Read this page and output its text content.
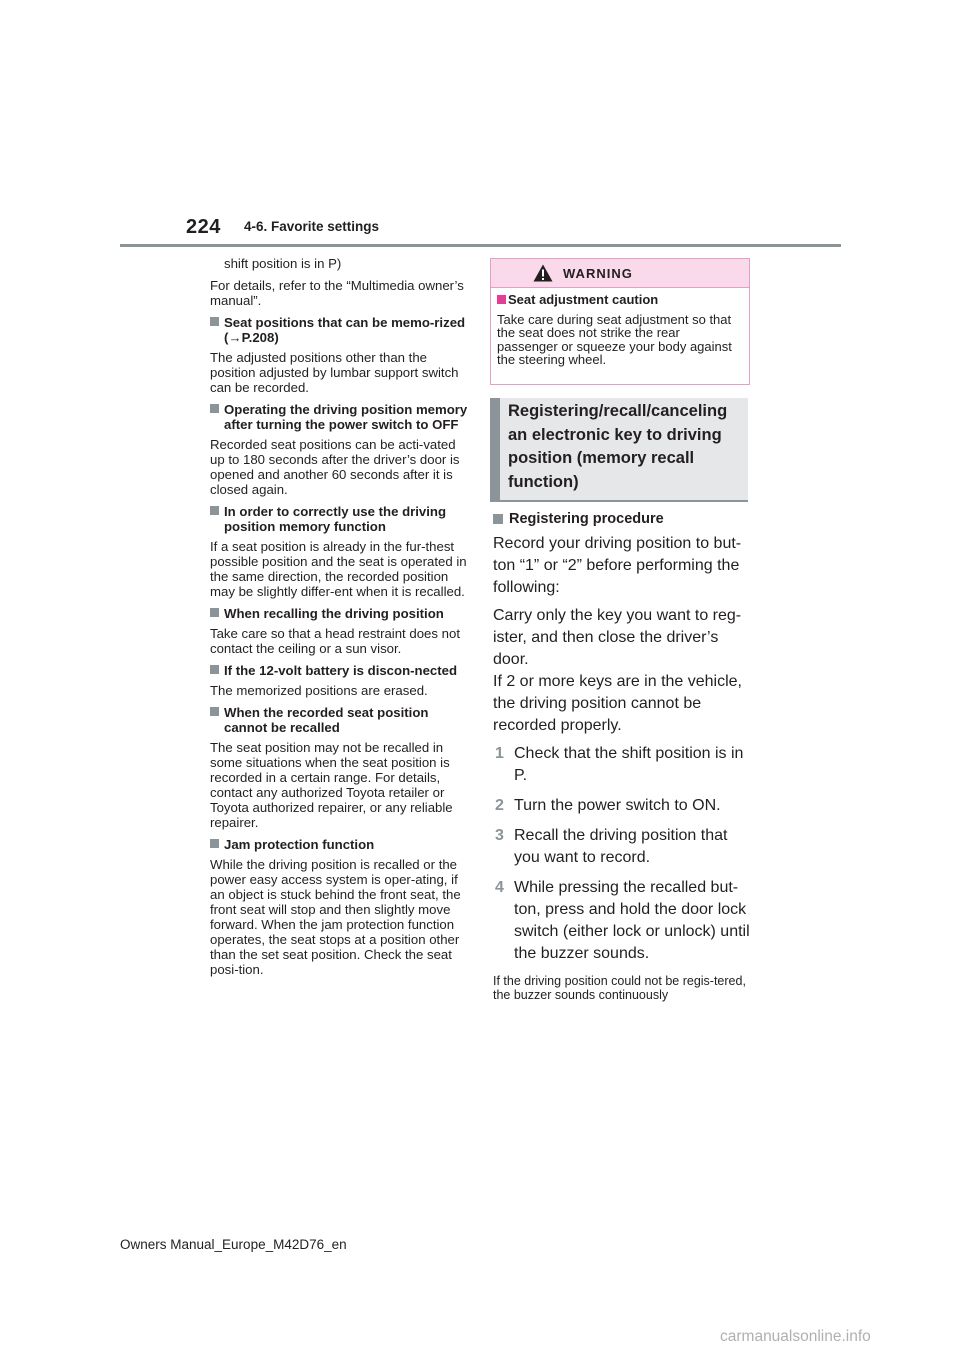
224 4-6. Favorite settings

shift position is in P)

For details, refer to the “Multimedia owner’s manual”.

Seat positions that can be memo-rized (→P.208)

The adjusted positions other than the position adjusted by lumbar support switch can be recorded.

Operating the driving position memory after turning the power switch to OFF

Recorded seat positions can be acti-vated up to 180 seconds after the driver’s door is opened and another 60 seconds after it is closed again.

In order to correctly use the driving position memory function

If a seat position is already in the fur-thest possible position and the seat is operated in the same direction, the recorded position may be slightly differ-ent when it is recalled.

When recalling the driving position

Take care so that a head restraint does not contact the ceiling or a sun visor.

If the 12-volt battery is discon-nected

The memorized positions are erased.

When the recorded seat position cannot be recalled

The seat position may not be recalled in some situations when the seat position is recorded in a certain range. For details, contact any authorized Toyota retailer or Toyota authorized repairer, or any reliable repairer.

Jam protection function

While the driving position is recalled or the power easy access system is oper-ating, if an object is stuck behind the front seat, the front seat will stop and then slightly move forward. When the jam protection function operates, the seat stops at a position other than the set seat position. Check the seat posi-tion.

WARNING
Seat adjustment caution
Take care during seat adjustment so that the seat does not strike the rear passenger or squeeze your body against the steering wheel.
Registering/recall/canceling an electronic key to driving position (memory recall function)
Registering procedure

Record your driving position to but-ton “1” or “2” before performing the following:

Carry only the key you want to reg-ister, and then close the driver’s door.

If 2 or more keys are in the vehicle, the driving position cannot be recorded properly.

1 Check that the shift position is in P.
2 Turn the power switch to ON.
3 Recall the driving position that you want to record.
4 While pressing the recalled but-ton, press and hold the door lock switch (either lock or unlock) until the buzzer sounds.
If the driving position could not be regis-tered, the buzzer sounds continuously
Owners Manual_Europe_M42D76_en
carmanualsonline.info
